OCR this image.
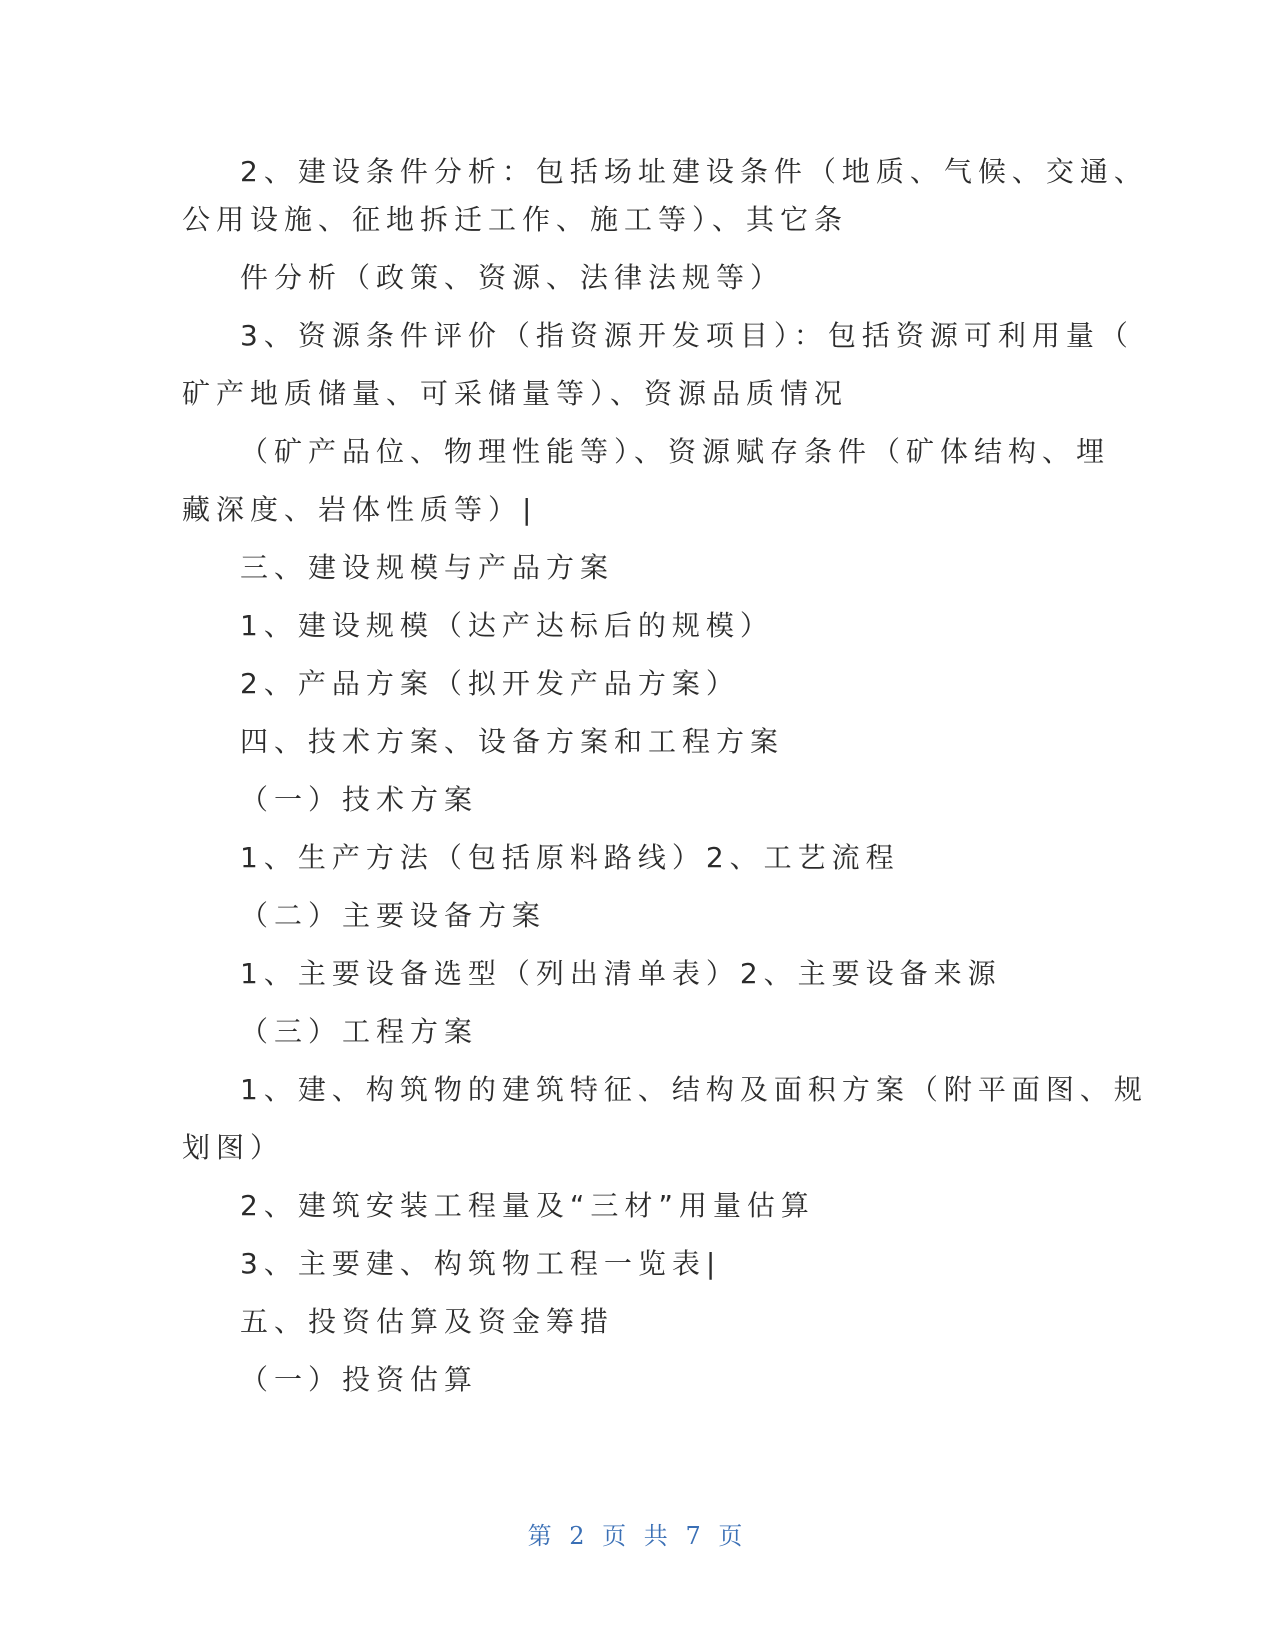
2、建设条件分析：包括场址建设条件（地质、气候、交通、
公用设施、征地拆迁工作、施工等）、其它条
件分析（政策、资源、法律法规等）
3、资源条件评价（指资源开发项目）：包括资源可利用量（
矿产地质储量、可采储量等）、资源品质情况
（矿产品位、物理性能等）、资源赋存条件（矿体结构、埋
藏深度、岩体性质等）|
三、建设规模与产品方案
1、建设规模（达产达标后的规模）
2、产品方案（拟开发产品方案）
四、技术方案、设备方案和工程方案
（一）技术方案
1、生产方法（包括原料路线）2、工艺流程
（二）主要设备方案
1、主要设备选型（列出清单表）2、主要设备来源
（三）工程方案
1、建、构筑物的建筑特征、结构及面积方案（附平面图、规
划图）
2、建筑安装工程量及“三材”用量估算
3、主要建、构筑物工程一览表|
五、投资估算及资金筹措
（一）投资估算
第 2 页 共 7 页
